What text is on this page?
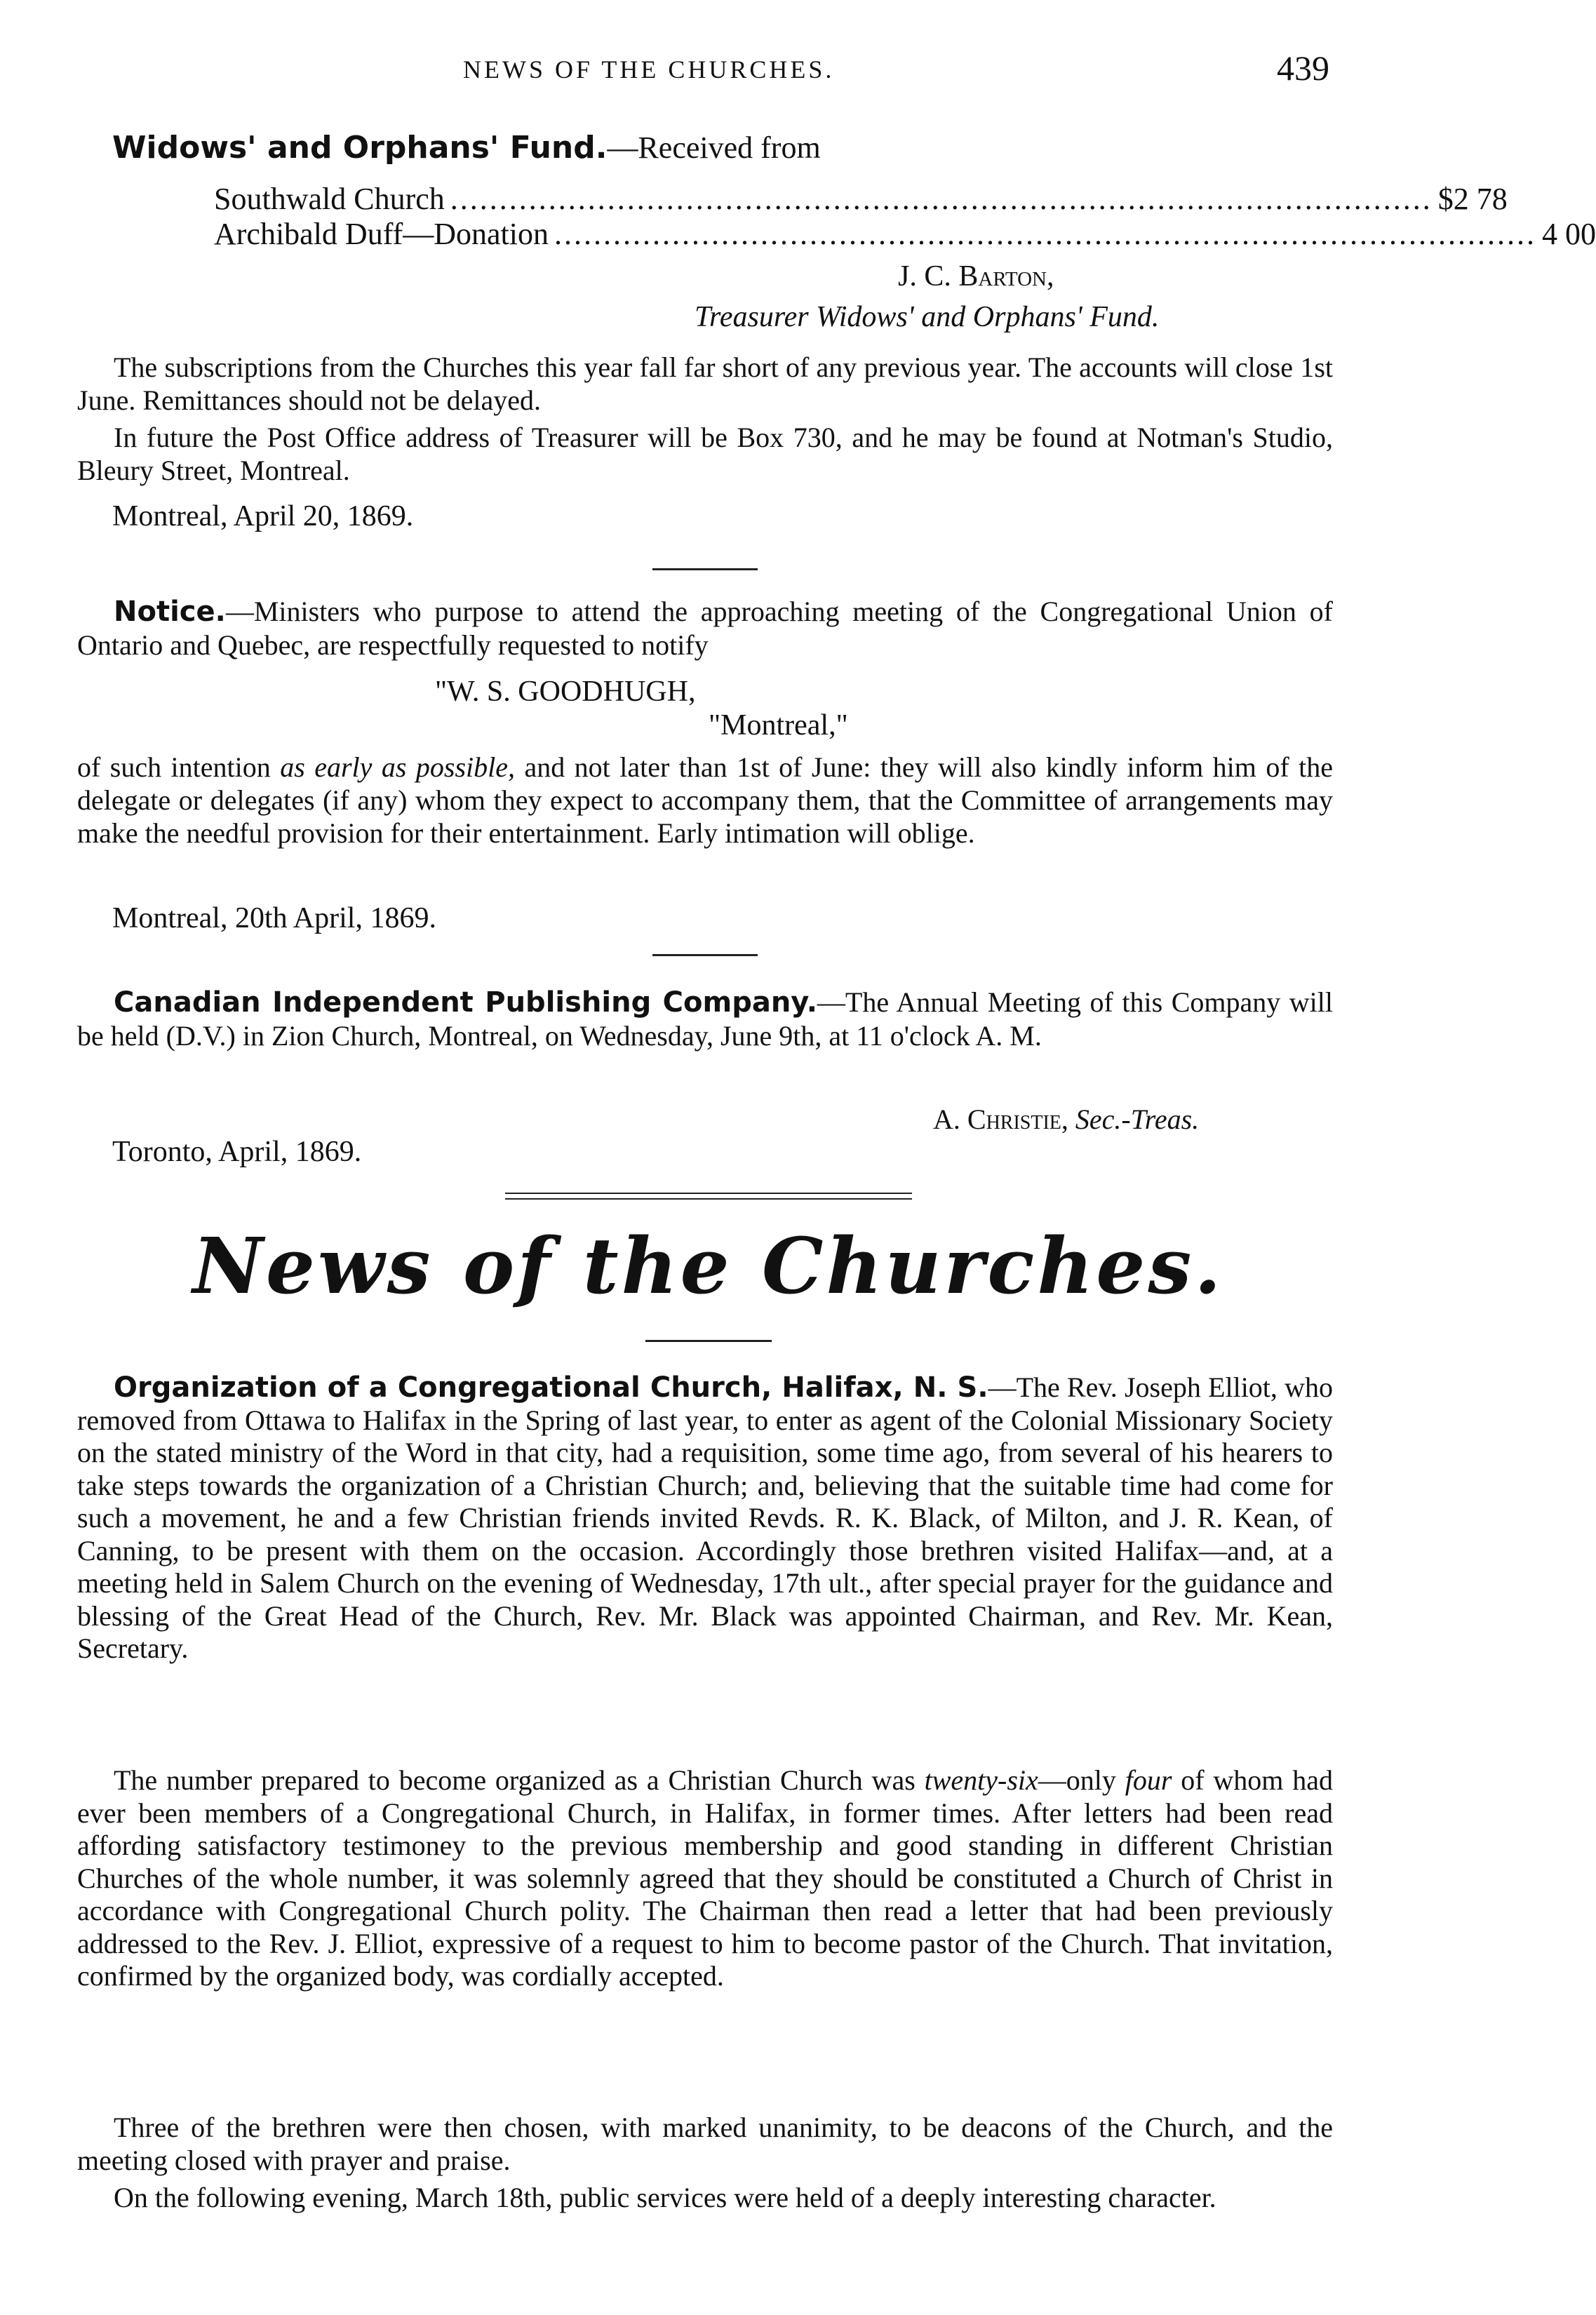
NEWS OF THE CHURCHES.	439
Widows' and Orphans' Fund.—Received from
Southwald Church .................................................................................................... $2 78
Archibald Duff—Donation .................................................................................................... 4 00
J. C. Barton,
Treasurer Widows' and Orphans' Fund.

The subscriptions from the Churches this year fall far short of any previous year. The accounts will close 1st June. Remittances should not be delayed.

In future the Post Office address of Treasurer will be Box 730, and he may be found at Notman's Studio, Bleury Street, Montreal.

Montreal, April 20, 1869.

Notice.—Ministers who purpose to attend the approaching meeting of the Congregational Union of Ontario and Quebec, are respectfully requested to notify

"W. S. GOODHUGH,
"Montreal,"

of such intention as early as possible, and not later than 1st of June: they will also kindly inform him of the delegate or delegates (if any) whom they expect to accompany them, that the Committee of arrangements may make the needful provision for their entertainment. Early intimation will oblige.

Montreal, 20th April, 1869.

Canadian Independent Publishing Company.—The Annual Meeting of this Company will be held (D.V.) in Zion Church, Montreal, on Wednesday, June 9th, at 11 o'clock A. M.

A. Christie, Sec.-Treas.
Toronto, April, 1869.
News of the Churches.

Organization of a Congregational Church, Halifax, N. S.—The Rev. Joseph Elliot, who removed from Ottawa to Halifax in the Spring of last year, to enter as agent of the Colonial Missionary Society on the stated ministry of the Word in that city, had a requisition, some time ago, from several of his hearers to take steps towards the organization of a Christian Church; and, believing that the suitable time had come for such a movement, he and a few Christian friends invited Revds. R. K. Black, of Milton, and J. R. Kean, of Canning, to be present with them on the occasion. Accordingly those brethren visited Halifax—and, at a meeting held in Salem Church on the evening of Wednesday, 17th ult., after special prayer for the guidance and blessing of the Great Head of the Church, Rev. Mr. Black was appointed Chairman, and Rev. Mr. Kean, Secretary.

The number prepared to become organized as a Christian Church was twenty-six—only four of whom had ever been members of a Congregational Church, in Halifax, in former times. After letters had been read affording satisfactory testimoney to the previous membership and good standing in different Christian Churches of the whole number, it was solemnly agreed that they should be constituted a Church of Christ in accordance with Congregational Church polity. The Chairman then read a letter that had been previously addressed to the Rev. J. Elliot, expressive of a request to him to become pastor of the Church. That invitation, confirmed by the organized body, was cordially accepted.

Three of the brethren were then chosen, with marked unanimity, to be deacons of the Church, and the meeting closed with prayer and praise.

On the following evening, March 18th, public services were held of a deeply interesting character.
